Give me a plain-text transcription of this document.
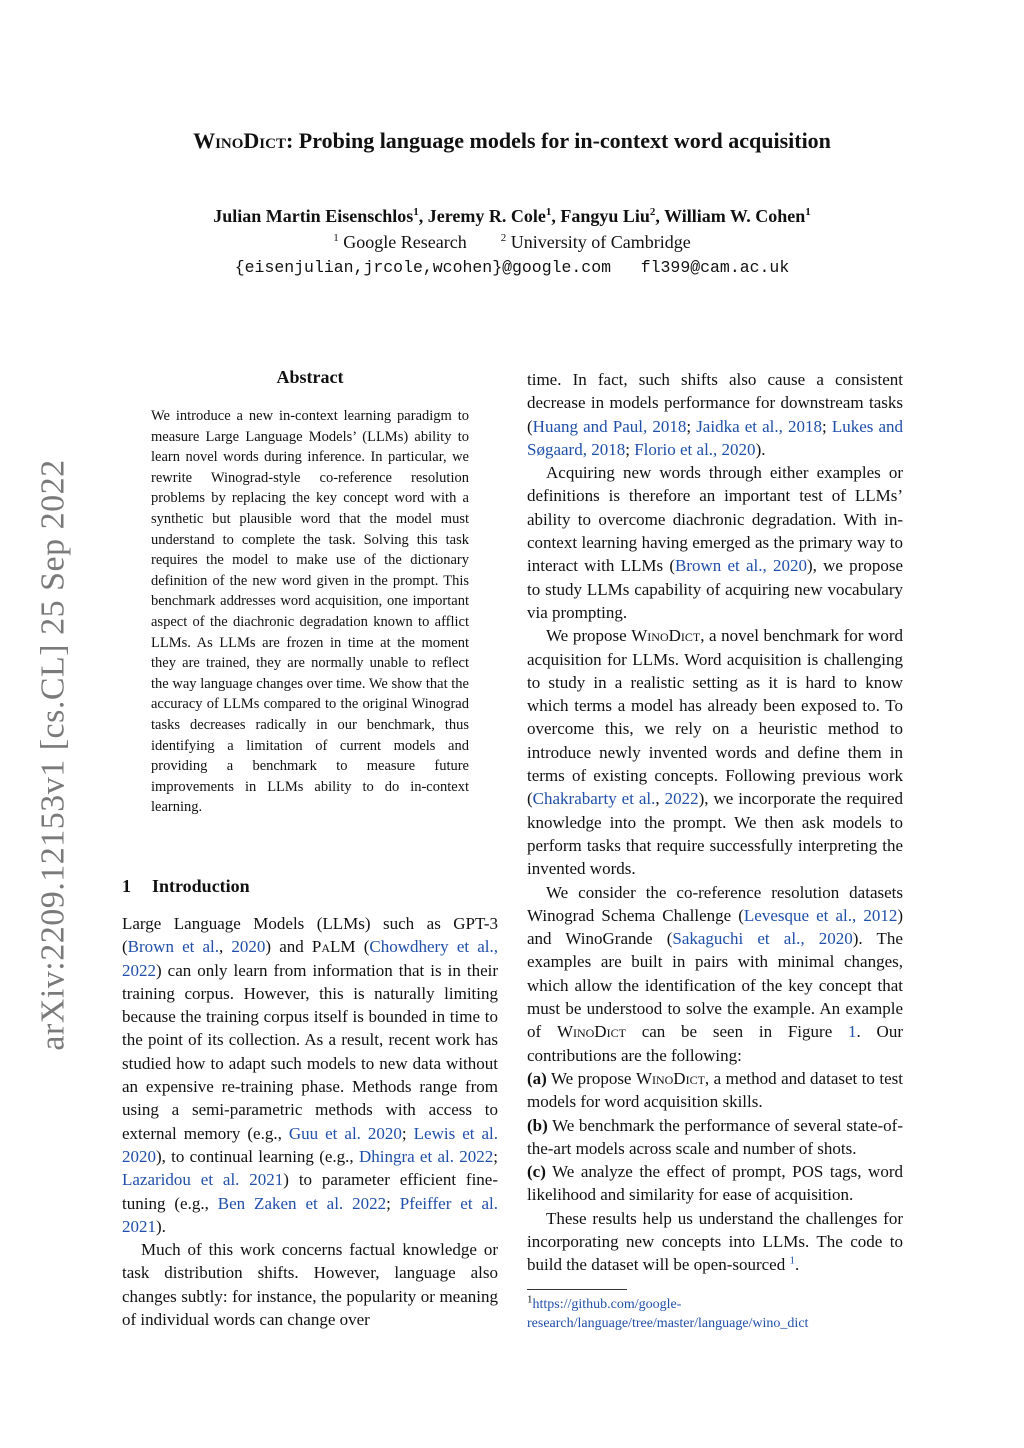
arXiv:2209.12153v1 [cs.CL] 25 Sep 2022
WinoDict: Probing language models for in-context word acquisition
Julian Martin Eisenschlos$^1$, Jeremy R. Cole$^1$, Fangyu Liu$^2$, William W. Cohen$^1$
$^1$ Google Research	$^2$ University of Cambridge
{eisenjulian,jrcole,wcohen}@google.com   fl399@cam.ac.uk
Abstract
We introduce a new in-context learning paradigm to measure Large Language Models’ (LLMs) ability to learn novel words during inference. In particular, we rewrite Winograd-style co-reference resolution problems by replacing the key concept word with a synthetic but plausible word that the model must understand to complete the task. Solving this task requires the model to make use of the dictionary definition of the new word given in the prompt. This benchmark addresses word acquisition, one important aspect of the diachronic degradation known to afflict LLMs. As LLMs are frozen in time at the moment they are trained, they are normally unable to reflect the way language changes over time. We show that the accuracy of LLMs compared to the original Winograd tasks decreases radically in our benchmark, thus identifying a limitation of current models and providing a benchmark to measure future improvements in LLMs ability to do in-context learning.
1 Introduction

Large Language Models (LLMs) such as GPT-3 (Brown et al., 2020) and PaLM (Chowdhery et al., 2022) can only learn from information that is in their training corpus. However, this is naturally limiting because the training corpus itself is bounded in time to the point of its collection. As a result, recent work has studied how to adapt such models to new data without an expensive re-training phase. Methods range from using a semi-parametric methods with access to external memory (e.g., Guu et al. 2020; Lewis et al. 2020), to continual learning (e.g., Dhingra et al. 2022; Lazaridou et al. 2021) to parameter efficient fine-tuning (e.g., Ben Zaken et al. 2022; Pfeiffer et al. 2021).

Much of this work concerns factual knowledge or task distribution shifts. However, language also changes subtly: for instance, the popularity or meaning of individual words can change over

time. In fact, such shifts also cause a consistent decrease in models performance for downstream tasks (Huang and Paul, 2018; Jaidka et al., 2018; Lukes and Søgaard, 2018; Florio et al., 2020).

Acquiring new words through either examples or definitions is therefore an important test of LLMs’ ability to overcome diachronic degradation. With in-context learning having emerged as the primary way to interact with LLMs (Brown et al., 2020), we propose to study LLMs capability of acquiring new vocabulary via prompting.

We propose WinoDict, a novel benchmark for word acquisition for LLMs. Word acquisition is challenging to study in a realistic setting as it is hard to know which terms a model has already been exposed to. To overcome this, we rely on a heuristic method to introduce newly invented words and define them in terms of existing concepts. Following previous work (Chakrabarty et al., 2022), we incorporate the required knowledge into the prompt. We then ask models to perform tasks that require successfully interpreting the invented words.

We consider the co-reference resolution datasets Winograd Schema Challenge (Levesque et al., 2012) and WinoGrande (Sakaguchi et al., 2020). The examples are built in pairs with minimal changes, which allow the identification of the key concept that must be understood to solve the example. An example of WinoDict can be seen in Figure 1. Our contributions are the following:

(a) We propose WinoDict, a method and dataset to test models for word acquisition skills.

(b) We benchmark the performance of several state-of-the-art models across scale and number of shots.

(c) We analyze the effect of prompt, POS tags, word likelihood and similarity for ease of acquisition.

These results help us understand the challenges for incorporating new concepts into LLMs. The code to build the dataset will be open-sourced $^1$.

$^1$https://github.com/google-research/language/tree/master/language/wino_dict
